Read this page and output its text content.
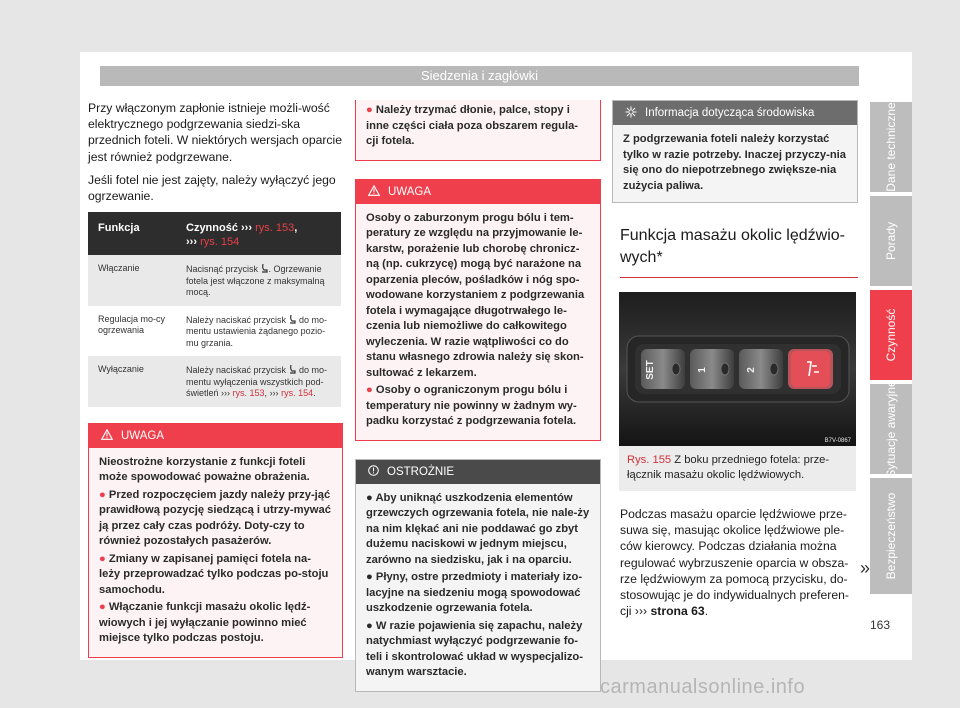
Siedzenia i zagłówki

Przy włączonym zapłonie istnieje możli-wość elektrycznego podgrzewania siedzi-ska przednich foteli. W niektórych wersjach oparcie jest również podgrzewane.

Jeśli fotel nie jest zajęty, należy wyłączyć jego ogrzewanie.

Funkcja	Czynność ››› rys. 153,
››› rys. 154
Włączanie	Nacisnąć przycisk . Ogrzewanie fotela jest włączone z maksymalną mocą.
Regulacja mo-cy ogrzewania	Należy naciskać przycisk  do mo-mentu ustawienia żądanego pozio-mu grzania.
Wyłączanie	Należy naciskać przycisk  do mo-mentu wyłączenia wszystkich pod-świetleń ››› rys. 153, ››› rys. 154.
UWAGA

Nieostrożne korzystanie z funkcji foteli może spowodować poważne obrażenia.

● Przed rozpoczęciem jazdy należy przy-jąć prawidłową pozycję siedzącą i utrzy-mywać ją przez cały czas podróży. Doty-czy to również pozostałych pasażerów.

● Zmiany w zapisanej pamięci fotela na-leży przeprowadzać tylko podczas po-stoju samochodu.

● Włączanie funkcji masażu okolic lędź-wiowych i jej wyłączanie powinno mieć miejsce tylko podczas postoju.

● Należy trzymać dłonie, palce, stopy i inne części ciała poza obszarem regula-cji fotela.

UWAGA

Osoby o zaburzonym progu bólu i tem-peratury ze względu na przyjmowanie le-karstw, porażenie lub chorobę chronicz-ną (np. cukrzycę) mogą być narażone na oparzenia pleców, pośladków i nóg spo-wodowane korzystaniem z podgrzewania fotela i wymagające długotrwałego le-czenia lub niemożliwe do całkowitego wyleczenia. W razie wątpliwości co do stanu własnego zdrowia należy się skon-sultować z lekarzem.

● Osoby o ograniczonym progu bólu i temperatury nie powinny w żadnym wy-padku korzystać z podgrzewania fotela.

OSTROŻNIE

● Aby uniknąć uszkodzenia elementów grzewczych ogrzewania fotela, nie nale-ży na nim klękać ani nie poddawać go zbyt dużemu naciskowi w jednym miejscu, zarówno na siedzisku, jak i na oparciu.

● Płyny, ostre przedmioty i materiały izo-lacyjne na siedzeniu mogą spowodować uszkodzenie ogrzewania fotela.

● W razie pojawienia się zapachu, należy natychmiast wyłączyć podgrzewanie fo-teli i skontrolować układ w wyspecjalizo-wanym warsztacie.

Informacja dotycząca środowiska
Z podgrzewania foteli należy korzystać tylko w razie potrzeby. Inaczej przyczy-nia się ono do niepotrzebnego zwiększe-nia zużycia paliwa.
Funkcja masażu okolic lędźwio-wych*
SET	1	2
B7V-0867
Rys. 155 Z boku przedniego fotela: prze-łącznik masażu okolic lędźwiowych.

Podczas masażu oparcie lędźwiowe prze-suwa się, masując okolice lędźwiowe ple-ców kierowcy. Podczas działania można regulować wybrzuszenie oparcia w obsza-rze lędźwiowym za pomocą przycisku, do-stosowując je do indywidualnych preferen-cji ››› strona 63.

»
163
Dane techniczne
Porady
Czynność
Sytuacje awaryjne
Bezpieczeństwo
carmanualsonline.info
